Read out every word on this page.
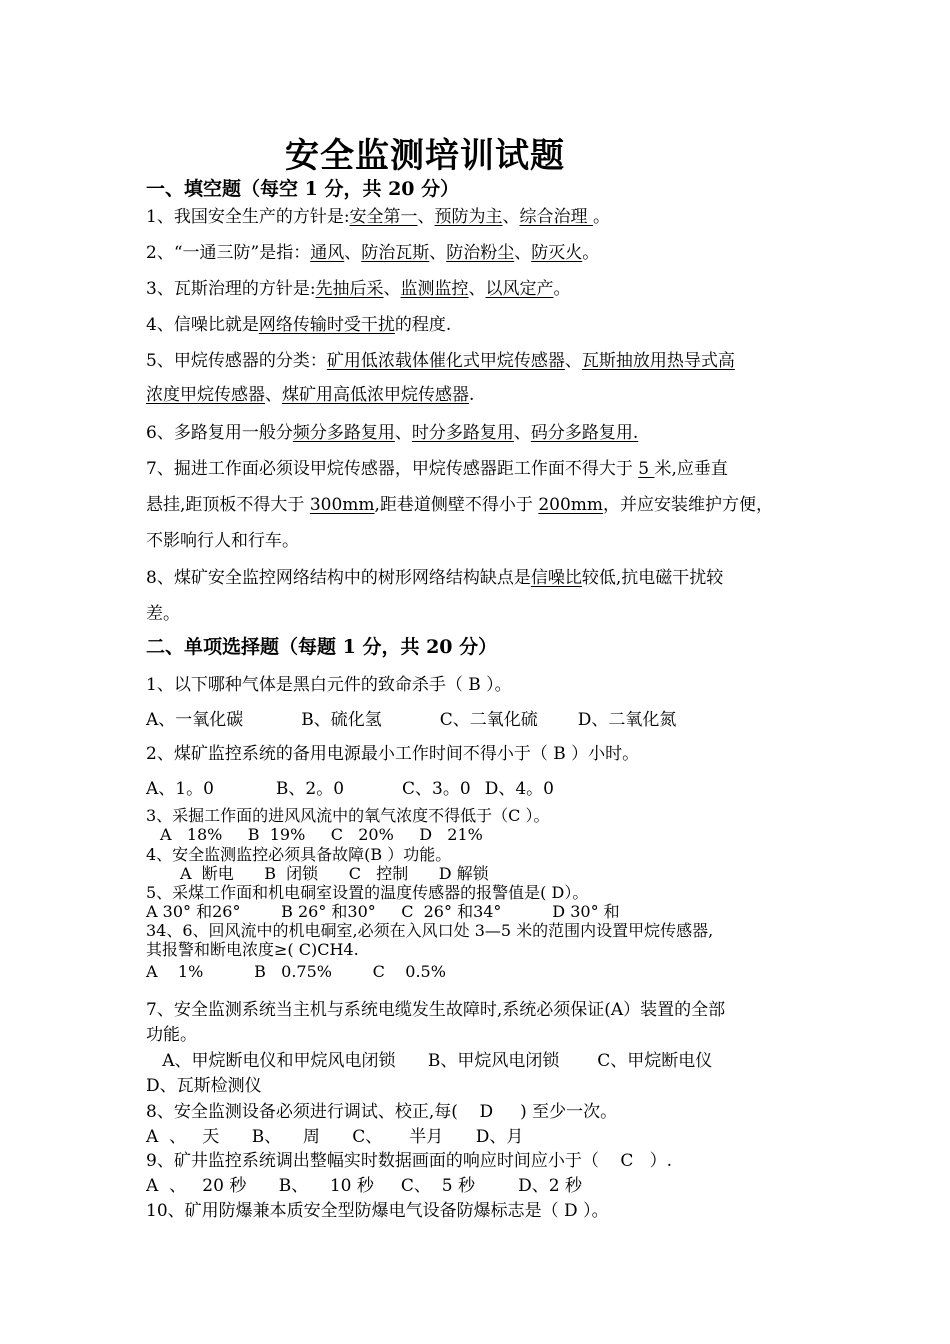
安全监测培训试题
一、填空题（每空 1 分，共 20 分）
1、我国安全生产的方针是:安全第一、预防为主、综合治理 。
2、“一通三防”是指：通风、防治瓦斯、防治粉尘、防灭火。
3、瓦斯治理的方针是:先抽后采、监测监控、以风定产。
4、信噪比就是网络传输时受干扰的程度.
5、甲烷传感器的分类：矿用低浓载体催化式甲烷传感器、瓦斯抽放用热导式高
浓度甲烷传感器、煤矿用高低浓甲烷传感器.
6、多路复用一般分频分多路复用、时分多路复用、码分多路复用.
7、掘进工作面必须设甲烷传感器，甲烷传感器距工作面不得大于 5 米,应垂直
悬挂,距顶板不得大于 300mm,距巷道侧壁不得小于 200mm，并应安装维护方便，
不影响行人和行车。
8、煤矿安全监控网络结构中的树形网络结构缺点是信噪比较低,抗电磁干扰较
差。
二、单项选择题（每题 1 分，共 20 分）
1、以下哪种气体是黑白元件的致命杀手（ B ）。
A、一氧化碳	B、硫化氢	C、二氧化硫 D、二氧化氮
2、煤矿监控系统的备用电源最小工作时间不得小于（ B ）小时。
A、1。0	B、2。0	C、3。0 D、4。0
3、采掘工作面的进风风流中的氧气浓度不得低于（C ）。
A   18%     B  19%     C   20%     D   21%
4、安全监测监控必须具备故障(B ）功能。
A  断电      B  闭锁      C   控制      D 解锁
5、采煤工作面和机电硐室设置的温度传感器的报警值是( D）。
A 30° 和26°        B 26° 和30°     C  26° 和34°          D 30° 和
34、6、回风流中的机电硐室,必须在入风口处 3—5 米的范围内设置甲烷传感器,
其报警和断电浓度≥( C)CH4.
A    1%          B   0.75%        C    0.5%
7、安全监测系统当主机与系统电缆发生故障时,系统必须保证(A）装置的全部
功能。
A、甲烷断电仪和甲烷风电闭锁      B、甲烷风电闭锁       C、甲烷断电仪
D、瓦斯检测仪
8、安全监测设备必须进行调试、校正,每(    D     ) 至少一次。
A  、   天      B、    周      C、     半月      D、月
9、矿井监控系统调出整幅实时数据画面的响应时间应小于（    C   ）.
A  、   20 秒      B、    10 秒     C、  5 秒        D、2 秒
10、矿用防爆兼本质安全型防爆电气设备防爆标志是（ D ）。
